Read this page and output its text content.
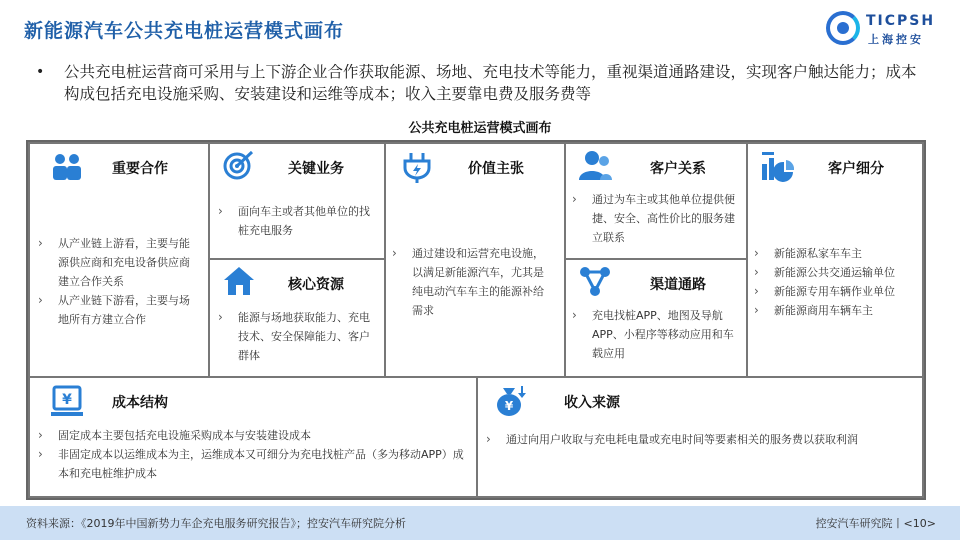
新能源汽车公共充电桩运营模式画布	TICPSH
上海控安
• 公共充电桩运营商可采用与上下游企业合作获取能源、场地、充电技术等能力，重视渠道通路建设，实现客户触达能力；成本构成包括充电设施采购、安装建设和运维等成本；收入主要靠电费及服务费等
公共充电桩运营模式画布
重要合作
› 从产业链上游看，主要与能源供应商和充电设备供应商建立合作关系
› 从产业链下游看，主要与场地所有方建立合作
关键业务
› 面向车主或者其他单位的找桩充电服务
核心资源
› 能源与场地获取能力、充电技术、安全保障能力、客户群体
价值主张
› 通过建设和运营充电设施，以满足新能源汽车，尤其是纯电动汽车车主的能源补给需求
客户关系
› 通过为车主或其他单位提供便捷、安全、高性价比的服务建立联系
渠道通路
› 充电找桩APP、地图及导航APP、小程序等移动应用和车载应用
客户细分
› 新能源私家车车主
› 新能源公共交通运输单位
› 新能源专用车辆作业单位
› 新能源商用车辆车主
¥	成本结构
› 固定成本主要包括充电设施采购成本与安装建设成本
› 非固定成本以运维成本为主，运维成本又可细分为充电找桩产品（多为移动APP）成本和充电桩维护成本
¥	收入来源
› 通过向用户收取与充电耗电量或充电时间等要素相关的服务费以获取利润
资料来源：《2019年中国新势力车企充电服务研究报告》；控安汽车研究院分析	控安汽车研究院丨<10>
